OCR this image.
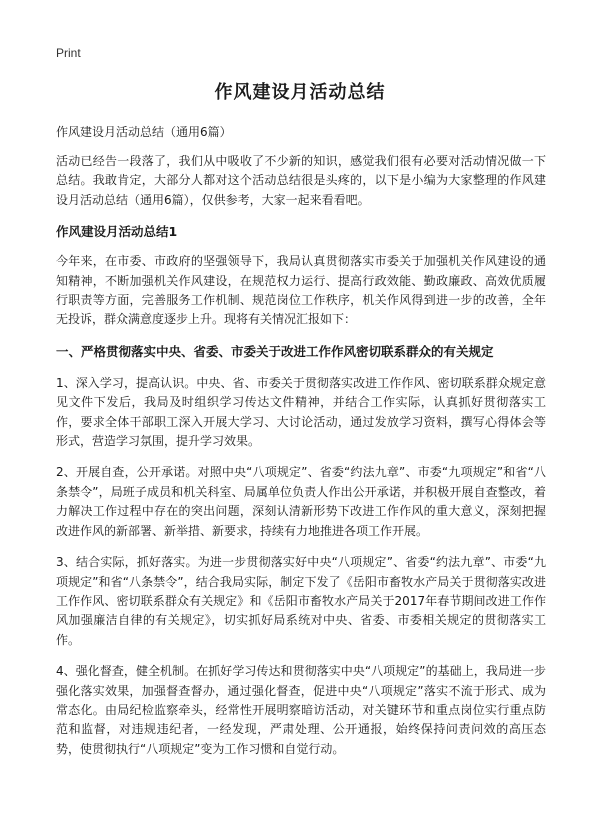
Print
作风建设月活动总结
作风建设月活动总结（通用6篇）

活动已经告一段落了，我们从中吸收了不少新的知识，感觉我们很有必要对活动情况做一下总结。我敢肯定，大部分人都对这个活动总结很是头疼的，以下是小编为大家整理的作风建设月活动总结（通用6篇），仅供参考，大家一起来看看吧。

作风建设月活动总结1

今年来，在市委、市政府的坚强领导下，我局认真贯彻落实市委关于加强机关作风建设的通知精神，不断加强机关作风建设，在规范权力运行、提高行政效能、勤政廉政、高效优质履行职责等方面，完善服务工作机制、规范岗位工作秩序，机关作风得到进一步的改善，全年无投诉，群众满意度逐步上升。现将有关情况汇报如下：

一、严格贯彻落实中央、省委、市委关于改进工作作风密切联系群众的有关规定

1、深入学习，提高认识。中央、省、市委关于贯彻落实改进工作作风、密切联系群众规定意见文件下发后，我局及时组织学习传达文件精神，并结合工作实际，认真抓好贯彻落实工作，要求全体干部职工深入开展大学习、大讨论活动，通过发放学习资料，撰写心得体会等形式，营造学习氛围，提升学习效果。

2、开展自查，公开承诺。对照中央“八项规定”、省委“约法九章”、市委“九项规定”和省“八条禁令”，局班子成员和机关科室、局属单位负责人作出公开承诺，并积极开展自查整改，着力解决工作过程中存在的突出问题，深刻认清新形势下改进工作作风的重大意义，深刻把握改进作风的新部署、新举措、新要求，持续有力地推进各项工作开展。

3、结合实际，抓好落实。为进一步贯彻落实好中央“八项规定”、省委“约法九章”、市委“九项规定”和省“八条禁令”，结合我局实际，制定下发了《岳阳市畜牧水产局关于贯彻落实改进工作作风、密切联系群众有关规定》和《岳阳市畜牧水产局关于2017年春节期间改进工作作风加强廉洁自律的有关规定》，切实抓好局系统对中央、省委、市委相关规定的贯彻落实工作。

4、强化督查，健全机制。在抓好学习传达和贯彻落实中央“八项规定”的基础上，我局进一步强化落实效果，加强督查督办，通过强化督查，促进中央“八项规定”落实不流于形式、成为常态化。由局纪检监察牵头，经常性开展明察暗访活动，对关键环节和重点岗位实行重点防范和监督，对违规违纪者，一经发现，严肃处理、公开通报，始终保持问责问效的高压态势，使贯彻执行“八项规定”变为工作习惯和自觉行动。
